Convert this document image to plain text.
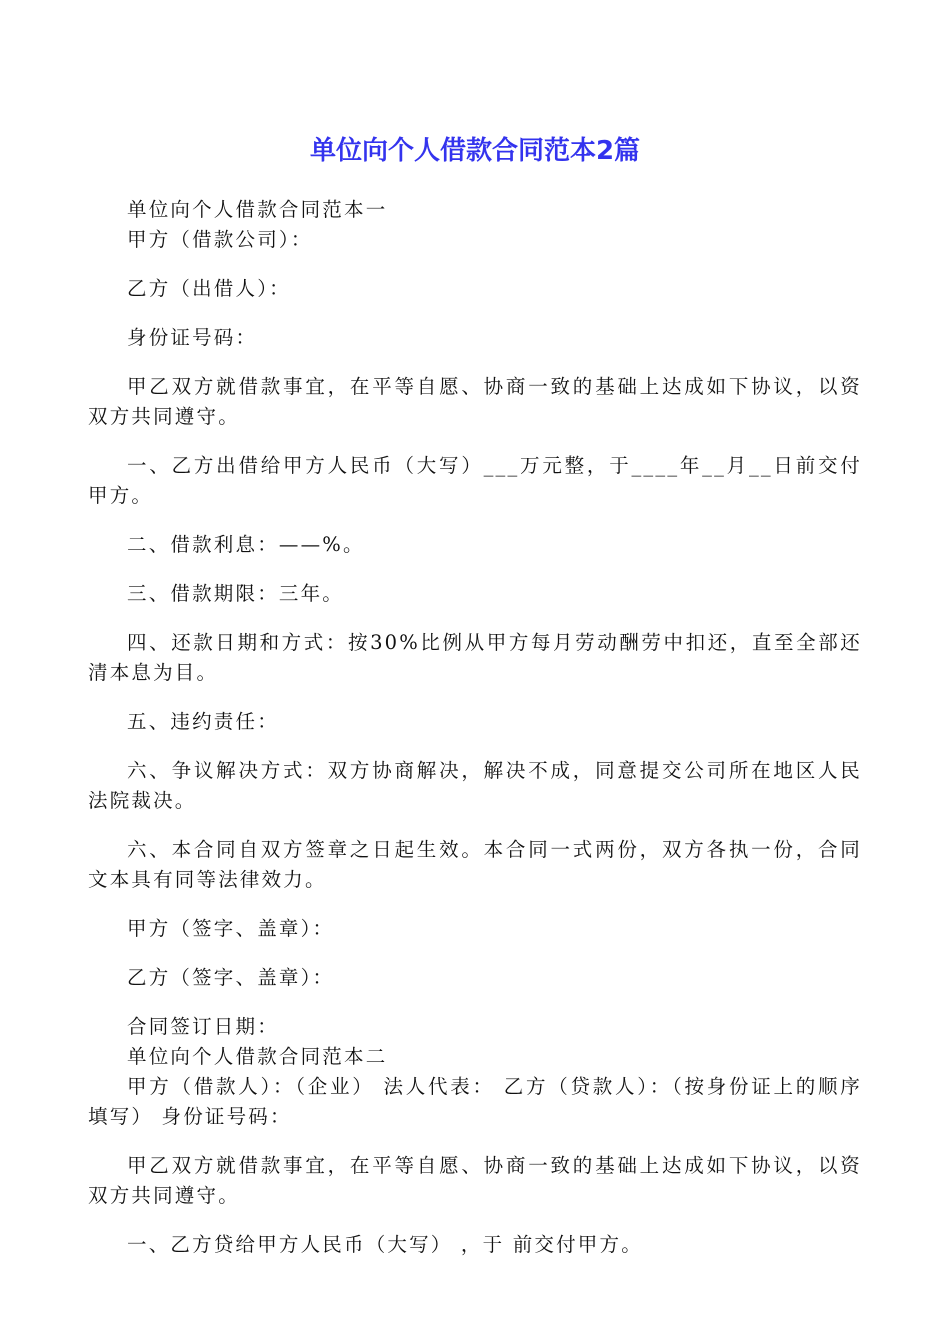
单位向个人借款合同范本2篇

单位向个人借款合同范本一

甲方（借款公司）：

乙方（出借人）：

身份证号码：

甲乙双方就借款事宜，在平等自愿、协商一致的基础上达成如下协议，以资双方共同遵守。

一、乙方出借给甲方人民币（大写）___万元整，于____年__月__日前交付甲方。

二、借款利息：——%。

三、借款期限：三年。

四、还款日期和方式：按30%比例从甲方每月劳动酬劳中扣还，直至全部还清本息为目。

五、违约责任：

六、争议解决方式：双方协商解决，解决不成，同意提交公司所在地区人民法院裁决。

六、本合同自双方签章之日起生效。本合同一式两份，双方各执一份，合同文本具有同等法律效力。

甲方（签字、盖章）：

乙方（签字、盖章）：

合同签订日期：

单位向个人借款合同范本二

甲方（借款人）：（企业） 法人代表： 乙方（贷款人）：（按身份证上的顺序填写） 身份证号码：

甲乙双方就借款事宜，在平等自愿、协商一致的基础上达成如下协议，以资双方共同遵守。

一、乙方贷给甲方人民币（大写） ，于 前交付甲方。
